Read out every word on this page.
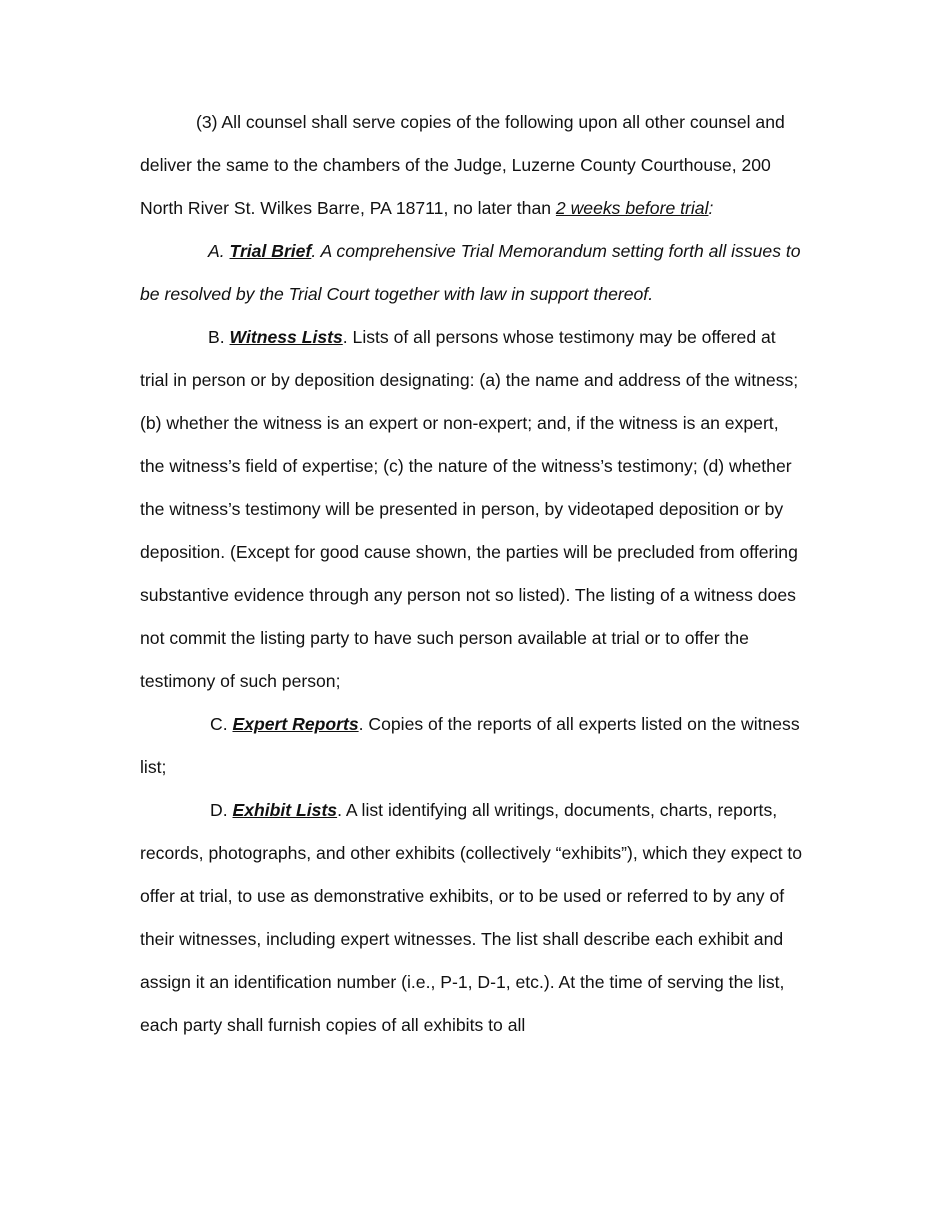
(3) All counsel shall serve copies of the following upon all other counsel and deliver the same to the chambers of the Judge, Luzerne County Courthouse, 200 North River St. Wilkes Barre, PA 18711, no later than 2 weeks before trial:

A. Trial Brief. A comprehensive Trial Memorandum setting forth all issues to be resolved by the Trial Court together with law in support thereof.

B. Witness Lists. Lists of all persons whose testimony may be offered at trial in person or by deposition designating: (a) the name and address of the witness; (b) whether the witness is an expert or non-expert; and, if the witness is an expert, the witness’s field of expertise; (c) the nature of the witness’s testimony; (d) whether the witness’s testimony will be presented in person, by videotaped deposition or by deposition. (Except for good cause shown, the parties will be precluded from offering substantive evidence through any person not so listed). The listing of a witness does not commit the listing party to have such person available at trial or to offer the testimony of such person;

C. Expert Reports. Copies of the reports of all experts listed on the witness list;

D. Exhibit Lists. A list identifying all writings, documents, charts, reports, records, photographs, and other exhibits (collectively “exhibits”), which they expect to offer at trial, to use as demonstrative exhibits, or to be used or referred to by any of their witnesses, including expert witnesses. The list shall describe each exhibit and assign it an identification number (i.e., P-1, D-1, etc.). At the time of serving the list, each party shall furnish copies of all exhibits to all
